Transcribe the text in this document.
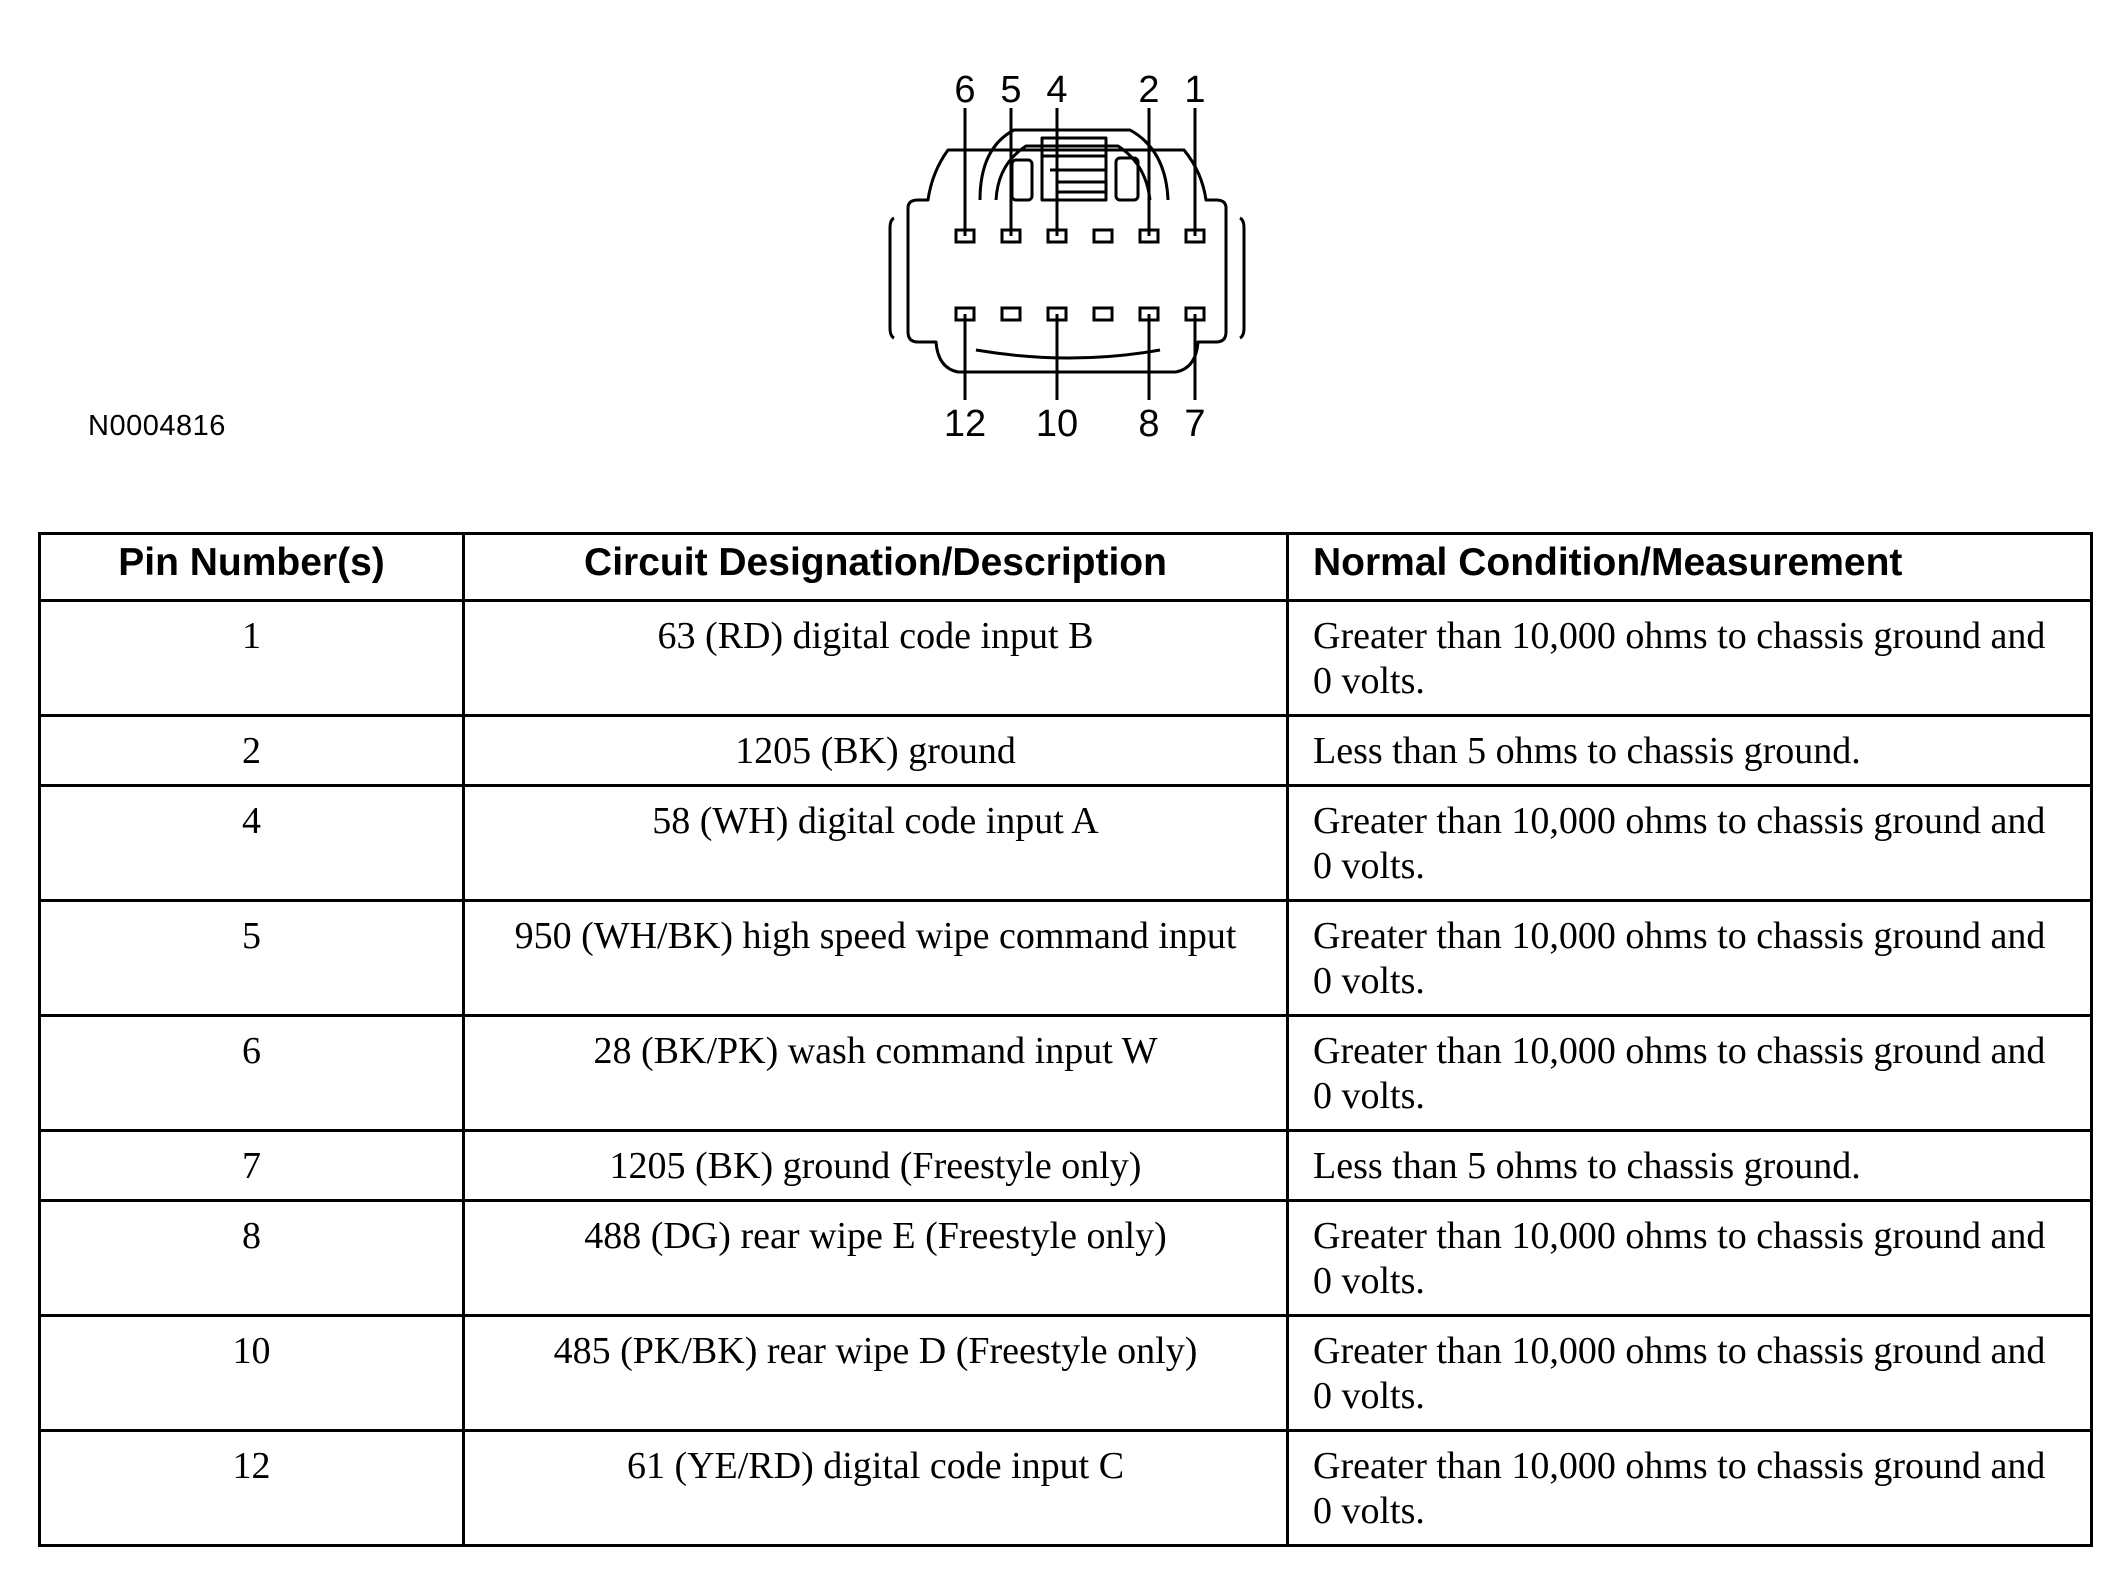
6 5 4 2 1
12 10 8 7

N0004816

Pin Number(s)	Circuit Designation/Description	Normal Condition/Measurement
1	63 (RD) digital code input B	Greater than 10,000 ohms to chassis ground and 0 volts.
2	1205 (BK) ground	Less than 5 ohms to chassis ground.
4	58 (WH) digital code input A	Greater than 10,000 ohms to chassis ground and 0 volts.
5	950 (WH/BK) high speed wipe command input	Greater than 10,000 ohms to chassis ground and 0 volts.
6	28 (BK/PK) wash command input W	Greater than 10,000 ohms to chassis ground and 0 volts.
7	1205 (BK) ground (Freestyle only)	Less than 5 ohms to chassis ground.
8	488 (DG) rear wipe E (Freestyle only)	Greater than 10,000 ohms to chassis ground and 0 volts.
10	485 (PK/BK) rear wipe D (Freestyle only)	Greater than 10,000 ohms to chassis ground and 0 volts.
12	61 (YE/RD) digital code input C	Greater than 10,000 ohms to chassis ground and 0 volts.
